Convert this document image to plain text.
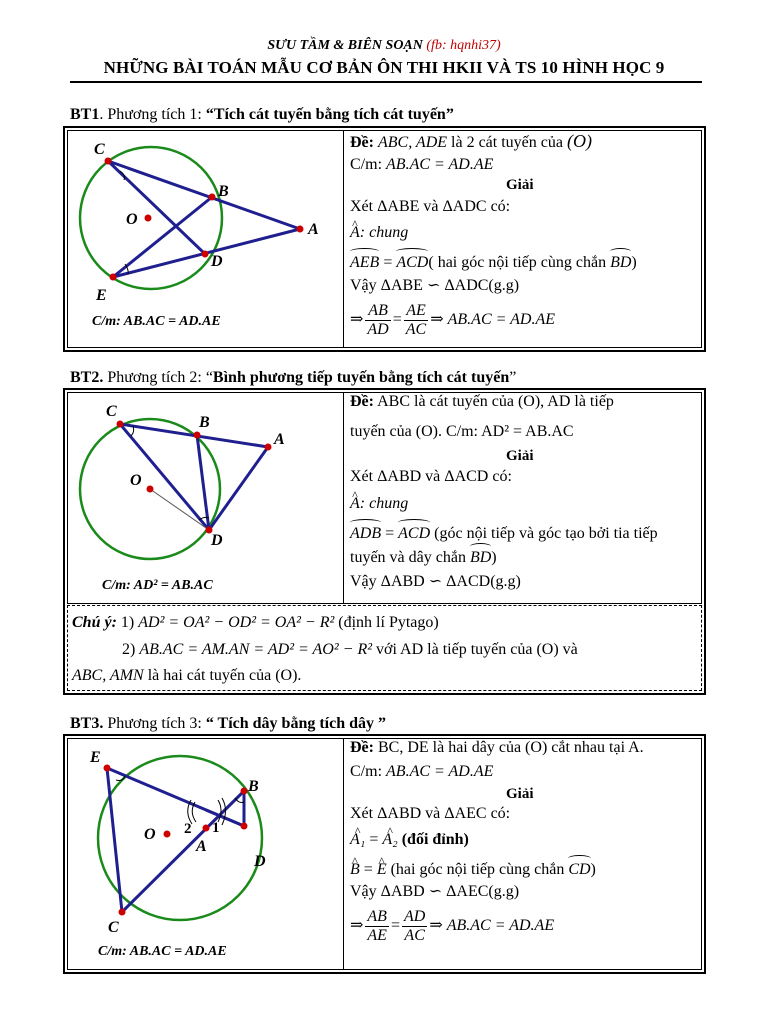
SƯU TẦM & BIÊN SOẠN (fb: hqnhi37)
NHỮNG BÀI TOÁN MẪU CƠ BẢN ÔN THI HKII VÀ TS 10 HÌNH HỌC 9
BT1. Phương tích 1: “Tích cát tuyến bằng tích cát tuyến”
C
B
O
A
D
E
C/m: AB.AC = AD.AE
Đề: ABC, ADE là 2 cát tuyến của (O)
C/m: AB.AC = AD.AE
Giải
Xét ΔABE và ΔADC có:
^ A: chung
AEB = ACD( hai góc nội tiếp cùng chắn BD)
Vậy ΔABE ∽ ΔADC(g.g)
⇒ $\frac{AB}{AD} = \frac{AE}{AC}$ ⇒ AB.AC = AD.AE
BT2. Phương tích 2: “Bình phương tiếp tuyến bằng tích cát tuyến”
C
B
A
O
D
C/m: AD² = AB.AC
Đề: ABC là cát tuyến của (O), AD là tiếp
tuyến của (O). C/m: AD² = AB.AC
Giải
Xét ΔABD và ΔACD có:
^ A: chung
ADB = ACD (góc nội tiếp và góc tạo bởi tia tiếp
tuyến và dây chắn BD)
Vậy ΔABD ∽ ΔACD(g.g)
Chú ý: 1) AD² = OA² − OD² = OA² − R² (định lí Pytago)
2) AB.AC = AM.AN = AD² = AO² − R² với AD là tiếp tuyến của (O) và
ABC, AMN là hai cát tuyến của (O).
BT3. Phương tích 3: “ Tích dây bằng tích dây ”
E
B
O
A
2 1
D
C
C/m: AB.AC = AD.AE
Đề: BC, DE là hai dây của (O) cắt nhau tại A.
C/m: AB.AC = AD.AE
Giải
Xét ΔABD và ΔAEC có:
^ A₁ = ^ A₂ (đối đỉnh)
^ B = ^ E (hai góc nội tiếp cùng chắn CD)
Vậy ΔABD ∽ ΔAEC(g.g)
⇒ $\frac{AB}{AE} = \frac{AD}{AC}$ ⇒ AB.AC = AD.AE
